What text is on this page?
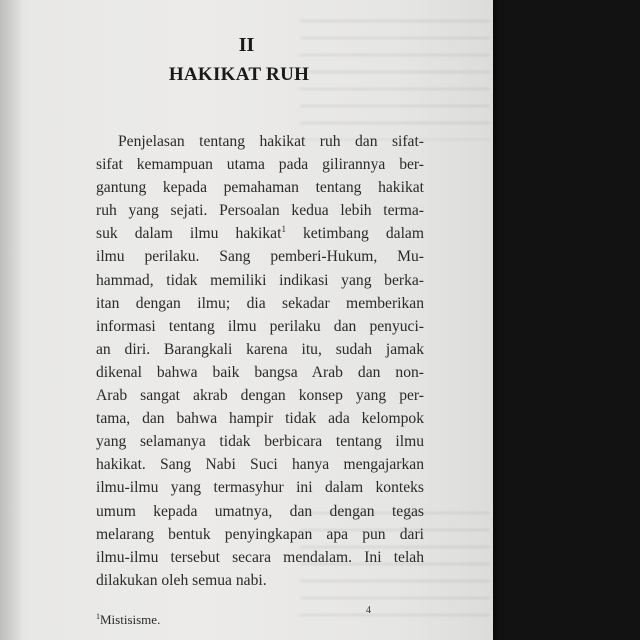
II
HAKIKAT RUH
Penjelasan tentang hakikat ruh dan sifat-
sifat kemampuan utama pada gilirannya ber-
gantung kepada pemahaman tentang hakikat
ruh yang sejati. Persoalan kedua lebih terma-
suk dalam ilmu hakikat$^1$ ketimbang dalam
ilmu perilaku. Sang pemberi-Hukum, Mu-
hammad, tidak memiliki indikasi yang berka-
itan dengan ilmu; dia sekadar memberikan
informasi tentang ilmu perilaku dan penyuci-
an diri. Barangkali karena itu, sudah jamak
dikenal bahwa baik bangsa Arab dan non-
Arab sangat akrab dengan konsep yang per-
tama, dan bahwa hampir tidak ada kelompok
yang selamanya tidak berbicara tentang ilmu
hakikat. Sang Nabi Suci hanya mengajarkan
ilmu-ilmu yang termasyhur ini dalam konteks
umum kepada umatnya, dan dengan tegas
melarang bentuk penyingkapan apa pun dari
ilmu-ilmu tersebut secara mendalam. Ini telah
dilakukan oleh semua nabi.
4
$^1$Mistisisme.
